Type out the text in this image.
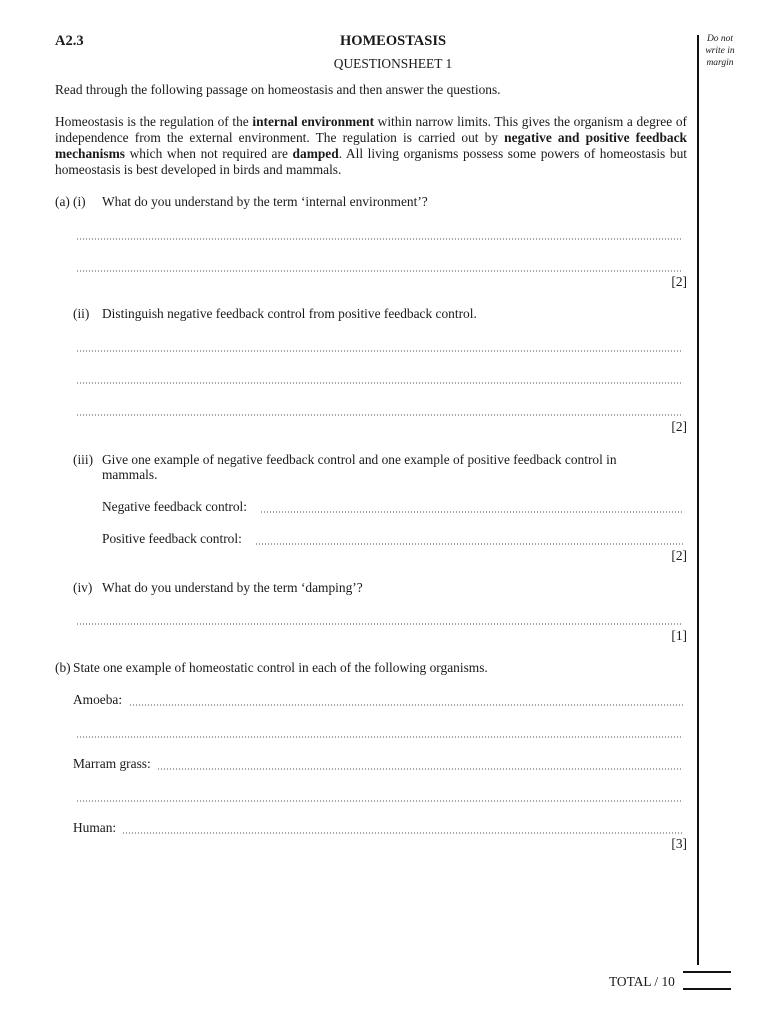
A2.3	HOMEOSTASIS
QUESTIONSHEET 1
Do not write in margin
Read through the following passage on homeostasis and then answer the questions.
Homeostasis is the regulation of the internal environment within narrow limits. This gives the organism a degree of independence from the external environment. The regulation is carried out by negative and positive feedback mechanisms which when not required are damped. All living organisms possess some powers of homeostasis but homeostasis is best developed in birds and mammals.
(a) (i) What do you understand by the term ‘internal environment’?
[2]
(ii) Distinguish negative feedback control from positive feedback control.
[2]
(iii) Give one example of negative feedback control and one example of positive feedback control in
mammals.
Negative feedback control:
Positive feedback control:
[2]
(iv) What do you understand by the term ‘damping’?
[1]
(b) State one example of homeostatic control in each of the following organisms.
Amoeba:
Marram grass:
Human:
[3]
TOTAL / 10
